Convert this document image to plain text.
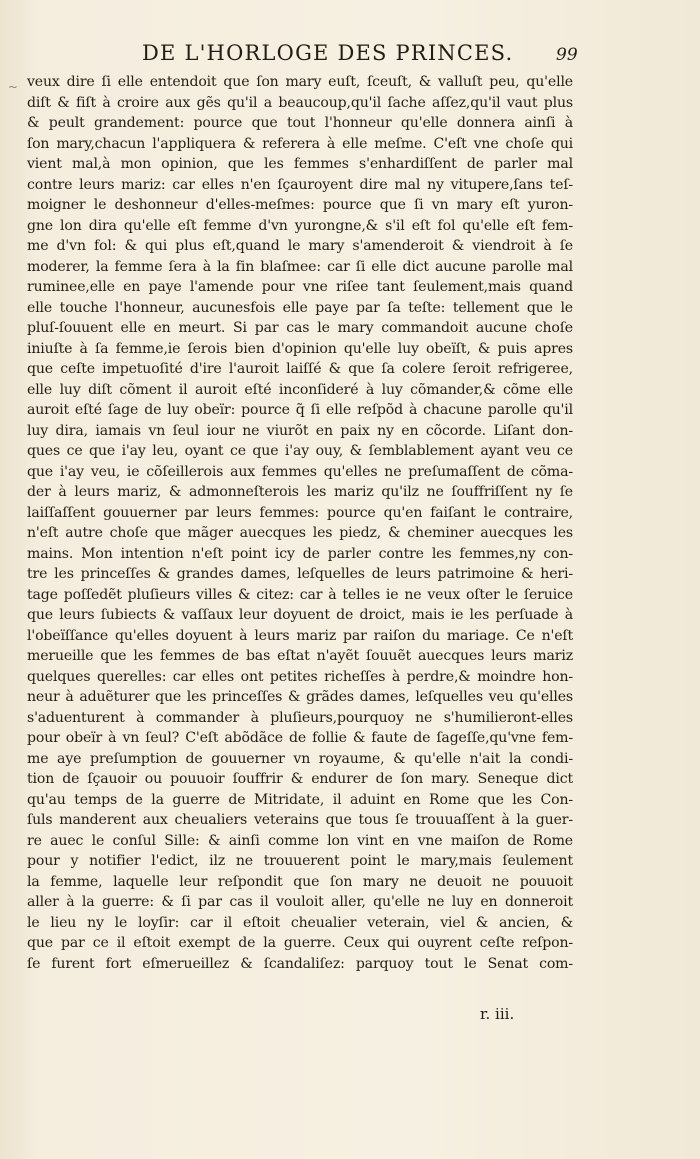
~
DE L'HORLOGE DES PRINCES.	99
veux dire ſi elle entendoit que ſon mary euſt, ſceuſt, & valluſt peu, qu'elle
diſt & fiſt à croire aux gẽs qu'il a beaucoup,qu'il ſache aſſez,qu'il vaut plus
& peult grandement: pource que tout l'honneur qu'elle donnera ainſi à
ſon mary,chacun l'appliquera & referera à elle meſme. C'eſt vne choſe qui
vient mal,à mon opinion, que les femmes s'enhardiſſent de parler mal
contre leurs mariz: car elles n'en ſçauroyent dire mal ny vitupere,ſans teſ-
moigner le deshonneur d'elles-meſmes: pource que ſi vn mary eſt yuron-
gne lon dira qu'elle eſt femme d'vn yurongne,& s'il eſt fol qu'elle eſt fem-
me d'vn fol: & qui plus eſt,quand le mary s'amenderoit & viendroit à ſe
moderer, la femme ſera à la fin blaſmee: car ſi elle dict aucune parolle mal
ruminee,elle en paye l'amende pour vne riſee tant ſeulement,mais quand
elle touche l'honneur, aucunesfois elle paye par ſa teſte: tellement que le
pluſ-ſouuent elle en meurt. Si par cas le mary commandoit aucune choſe
iniuſte à ſa femme,ie ſerois bien d'opinion qu'elle luy obeïſt, & puis apres
que ceſte impetuoſité d'ire l'auroit laiſſé & que ſa colere ſeroit refrigeree,
elle luy diſt cõment il auroit eſté inconſideré à luy cõmander,& cõme elle
auroit eſté ſage de luy obeïr: pource q̃ ſi elle reſpõd à chacune parolle qu'il
luy dira, iamais vn ſeul iour ne viurõt en paix ny en cõcorde. Liſant don-
ques ce que i'ay leu, oyant ce que i'ay ouy, & ſemblablement ayant veu ce
que i'ay veu, ie cõſeillerois aux femmes qu'elles ne preſumaſſent de cõma-
der à leurs mariz, & admonneſterois les mariz qu'ilz ne ſouffriſſent ny ſe
laiſſaſſent gouuerner par leurs femmes: pource qu'en faiſant le contraire,
n'eſt autre choſe que mãger auecques les piedz, & cheminer auecques les
mains. Mon intention n'eſt point icy de parler contre les femmes,ny con-
tre les princeſſes & grandes dames, leſquelles de leurs patrimoine & heri-
tage poſſedẽt pluſieurs villes & citez: car à telles ie ne veux oſter le ſeruice
que leurs ſubiects & vaſſaux leur doyuent de droict, mais ie les perſuade à
l'obeïſſance qu'elles doyuent à leurs mariz par raiſon du mariage. Ce n'eſt
merueille que les femmes de bas eſtat n'ayẽt ſouuẽt auecques leurs mariz
quelques querelles: car elles ont petites richeſſes à perdre,& moindre hon-
neur à aduẽturer que les princeſſes & grãdes dames, leſquelles veu qu'elles
s'aduenturent à commander à pluſieurs,pourquoy ne s'humilieront-elles
pour obeïr à vn ſeul? C'eſt abõdãce de follie & faute de ſageſſe,qu'vne fem-
me aye preſumption de gouuerner vn royaume, & qu'elle n'ait la condi-
tion de ſçauoir ou pouuoir ſouffrir & endurer de ſon mary. Seneque dict
qu'au temps de la guerre de Mitridate, il aduint en Rome que les Con-
ſuls manderent aux cheualiers veterains que tous ſe trouuaſſent à la guer-
re auec le conſul Sille: & ainſi comme lon vint en vne maiſon de Rome
pour y notifier l'edict, ilz ne trouuerent point le mary,mais ſeulement
la femme, laquelle leur reſpondit que ſon mary ne deuoit ne pouuoit
aller à la guerre: & ſi par cas il vouloit aller, qu'elle ne luy en donneroit
le lieu ny le loyſir: car il eſtoit cheualier veterain, viel & ancien, &
que par ce il eſtoit exempt de la guerre. Ceux qui ouyrent ceſte reſpon-
ſe furent fort eſmerueillez & ſcandaliſez: parquoy tout le Senat com-
r. iii.
